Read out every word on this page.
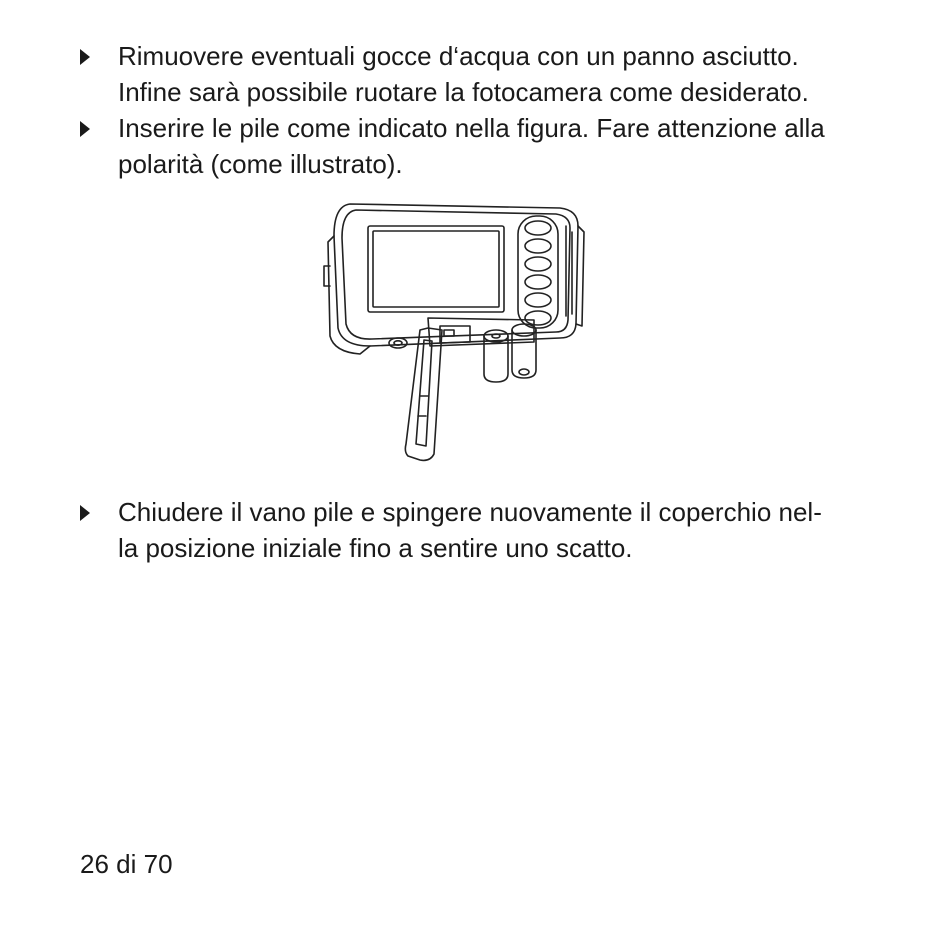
Rimuovere eventuali gocce d‘acqua con un panno asciutto.
Infine sarà possibile ruotare la fotocamera come desiderato.
Inserire le pile come indicato nella figura. Fare attenzione alla
polarità (come illustrato).
Chiudere il vano pile e spingere nuovamente il coperchio nel-
la posizione iniziale fino a sentire uno scatto.
26 di 70
